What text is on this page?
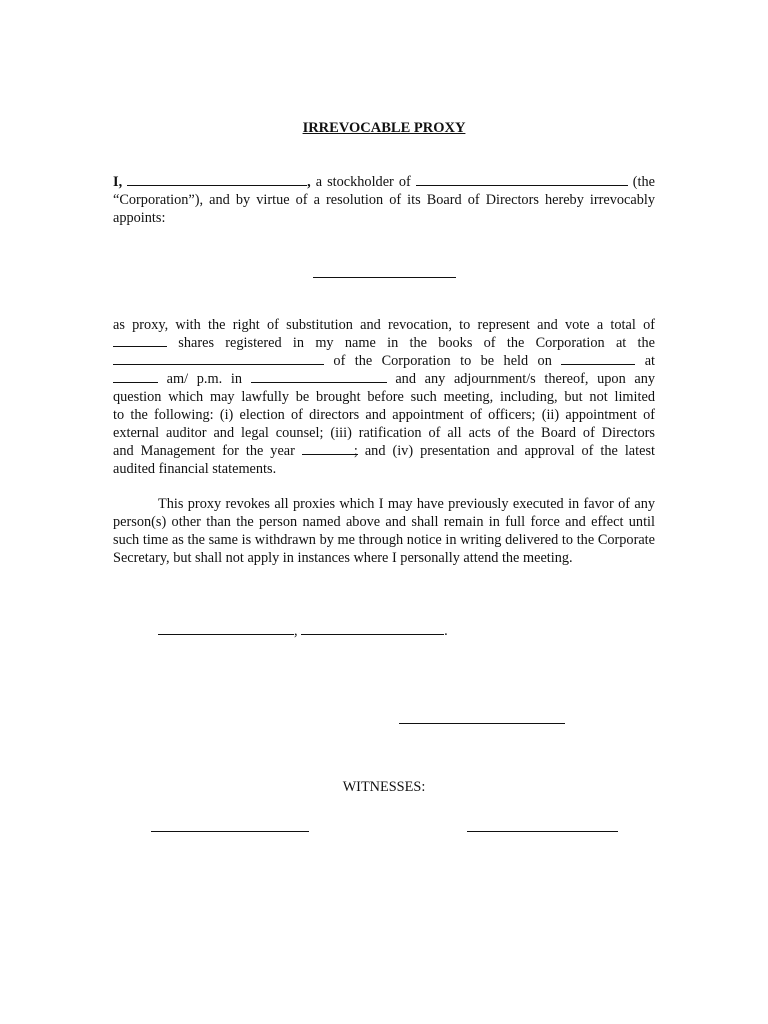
IRREVOCABLE PROXY
I,	, a stockholder of	(the
“Corporation”), and by virtue of a resolution of its Board of Directors hereby irrevocably
appoints:
as proxy, with the right of substitution and revocation, to represent and vote a total of
shares registered in my name in the books of the Corporation at the
of the Corporation to be held on	at
am/ p.m. in	and any adjournment/s thereof, upon any
question which may lawfully be brought before such meeting, including, but not limited
to the following: (i) election of directors and appointment of officers; (ii) appointment of
external auditor and legal counsel; (iii) ratification of all acts of the Board of Directors
and Management for the year	; and (iv) presentation and approval of the latest
audited financial statements.
This proxy revokes all proxies which I may have previously executed in favor of any person(s) other than the person named above and shall remain in full force and effect until such time as the same is withdrawn by me through notice in writing delivered to the Corporate Secretary, but shall not apply in instances where I personally attend the meeting.
,	.
WITNESSES:
